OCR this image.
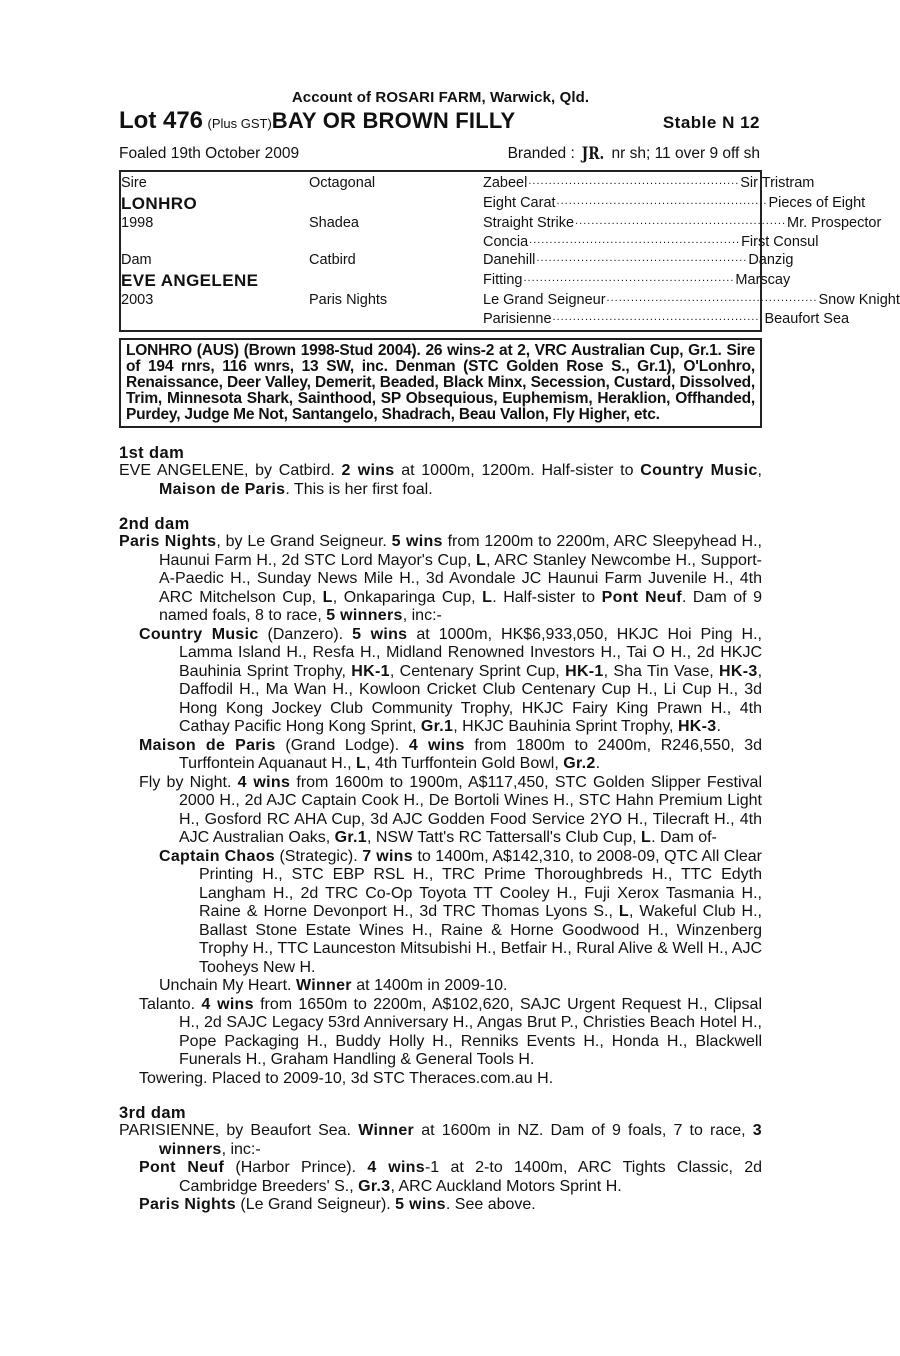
Account of ROSARI FARM, Warwick, Qld.
Lot 476 (Plus GST)BAY OR BROWN FILLY	Stable N 12
Foaled 19th October 2009	Branded : JR. nr sh; 11 over 9 off sh
Sire
LONHRO
1998
Dam
EVE ANGELENE
2003
Octagonal
Shadea
Catbird
Paris Nights
Zabeel .................................................... Sir Tristram
Eight Carat .................................................... Pieces of Eight
Straight Strike .................................................... Mr. Prospector
Concia .................................................... First Consul
Danehill .................................................... Danzig
Fitting .................................................... Marscay
Le Grand Seigneur .................................................... Snow Knight
Parisienne .................................................... Beaufort Sea
LONHRO (AUS) (Brown 1998-Stud 2004). 26 wins-2 at 2, VRC Australian Cup, Gr.1. Sire of 194 rnrs, 116 wnrs, 13 SW, inc. Denman (STC Golden Rose S., Gr.1), O'Lonhro, Renaissance, Deer Valley, Demerit, Beaded, Black Minx, Secession, Custard, Dissolved, Trim, Minnesota Shark, Sainthood, SP Obsequious, Euphemism, Heraklion, Offhanded, Purdey, Judge Me Not, Santangelo, Shadrach, Beau Vallon, Fly Higher, etc.
1st dam
EVE ANGELENE, by Catbird. 2 wins at 1000m, 1200m. Half-sister to Country Music, Maison de Paris. This is her first foal.
2nd dam
Paris Nights, by Le Grand Seigneur. 5 wins from 1200m to 2200m, ARC Sleepyhead H., Haunui Farm H., 2d STC Lord Mayor's Cup, L, ARC Stanley Newcombe H., Support-A-Paedic H., Sunday News Mile H., 3d Avondale JC Haunui Farm Juvenile H., 4th ARC Mitchelson Cup, L, Onkaparinga Cup, L. Half-sister to Pont Neuf. Dam of 9 named foals, 8 to race, 5 winners, inc:-
Country Music (Danzero). 5 wins at 1000m, HK$6,933,050, HKJC Hoi Ping H., Lamma Island H., Resfa H., Midland Renowned Investors H., Tai O H., 2d HKJC Bauhinia Sprint Trophy, HK-1, Centenary Sprint Cup, HK-1, Sha Tin Vase, HK-3, Daffodil H., Ma Wan H., Kowloon Cricket Club Centenary Cup H., Li Cup H., 3d Hong Kong Jockey Club Community Trophy, HKJC Fairy King Prawn H., 4th Cathay Pacific Hong Kong Sprint, Gr.1, HKJC Bauhinia Sprint Trophy, HK-3.
Maison de Paris (Grand Lodge). 4 wins from 1800m to 2400m, R246,550, 3d Turffontein Aquanaut H., L, 4th Turffontein Gold Bowl, Gr.2.
Fly by Night. 4 wins from 1600m to 1900m, A$117,450, STC Golden Slipper Festival 2000 H., 2d AJC Captain Cook H., De Bortoli Wines H., STC Hahn Premium Light H., Gosford RC AHA Cup, 3d AJC Godden Food Service 2YO H., Tilecraft H., 4th AJC Australian Oaks, Gr.1, NSW Tatt's RC Tattersall's Club Cup, L. Dam of-
Captain Chaos (Strategic). 7 wins to 1400m, A$142,310, to 2008-09, QTC All Clear Printing H., STC EBP RSL H., TRC Prime Thoroughbreds H., TTC Edyth Langham H., 2d TRC Co-Op Toyota TT Cooley H., Fuji Xerox Tasmania H., Raine & Horne Devonport H., 3d TRC Thomas Lyons S., L, Wakeful Club H., Ballast Stone Estate Wines H., Raine & Horne Goodwood H., Winzenberg Trophy H., TTC Launceston Mitsubishi H., Betfair H., Rural Alive & Well H., AJC Tooheys New H.
Unchain My Heart. Winner at 1400m in 2009-10.
Talanto. 4 wins from 1650m to 2200m, A$102,620, SAJC Urgent Request H., Clipsal H., 2d SAJC Legacy 53rd Anniversary H., Angas Brut P., Christies Beach Hotel H., Pope Packaging H., Buddy Holly H., Renniks Events H., Honda H., Blackwell Funerals H., Graham Handling & General Tools H.
Towering. Placed to 2009-10, 3d STC Theraces.com.au H.
3rd dam
PARISIENNE, by Beaufort Sea. Winner at 1600m in NZ. Dam of 9 foals, 7 to race, 3 winners, inc:-
Pont Neuf (Harbor Prince). 4 wins-1 at 2-to 1400m, ARC Tights Classic, 2d Cambridge Breeders' S., Gr.3, ARC Auckland Motors Sprint H.
Paris Nights (Le Grand Seigneur). 5 wins. See above.
